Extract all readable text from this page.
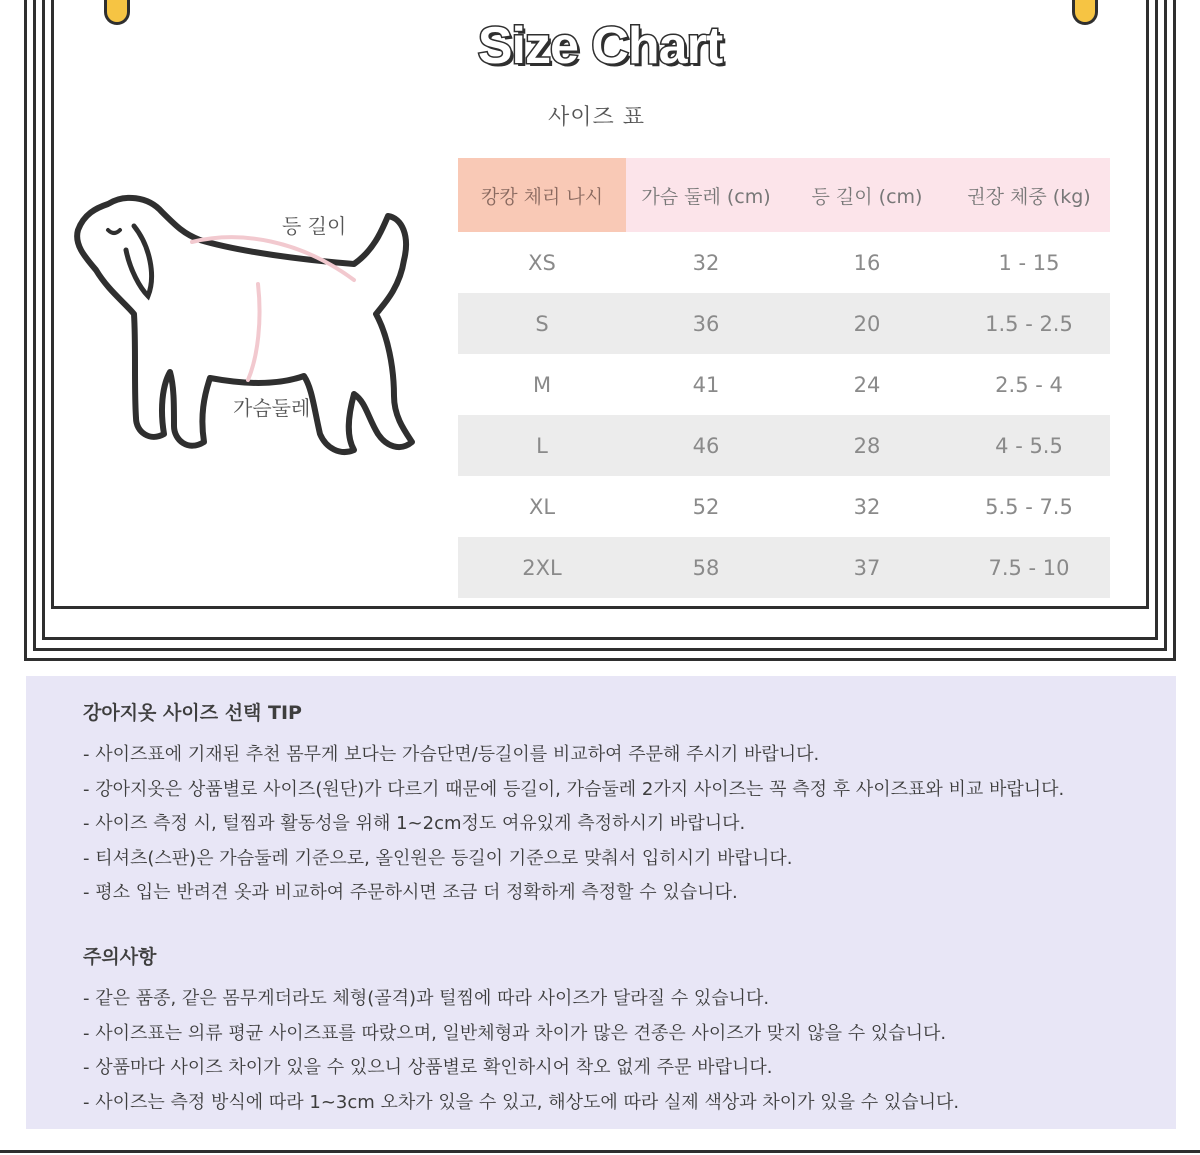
Size Chart
사이즈 표
등 길이
가슴둘레
캉캉 체리 나시	가슴 둘레 (cm)	등 길이 (cm)	권장 체중 (kg)
XS	32	16	1 - 15
S	36	20	1.5 - 2.5
M	41	24	2.5 - 4
L	46	28	4 - 5.5
XL	52	32	5.5 - 7.5
2XL	58	37	7.5 - 10
강아지옷 사이즈 선택 TIP
- 사이즈표에 기재된 추천 몸무게 보다는 가슴단면/등길이를 비교하여 주문해 주시기 바랍니다.
- 강아지옷은 상품별로 사이즈(원단)가 다르기 때문에 등길이, 가슴둘레 2가지 사이즈는 꼭 측정 후 사이즈표와 비교 바랍니다.
- 사이즈 측정 시, 털찜과 활동성을 위해 1~2cm정도 여유있게 측정하시기 바랍니다.
- 티셔츠(스판)은 가슴둘레 기준으로, 올인원은 등길이 기준으로 맞춰서 입히시기 바랍니다.
- 평소 입는 반려견 옷과 비교하여 주문하시면 조금 더 정확하게 측정할 수 있습니다.
주의사항
- 같은 품종, 같은 몸무게더라도 체형(골격)과 털찜에 따라 사이즈가 달라질 수 있습니다.
- 사이즈표는 의류 평균 사이즈표를 따랐으며, 일반체형과 차이가 많은 견종은 사이즈가 맞지 않을 수 있습니다.
- 상품마다 사이즈 차이가 있을 수 있으니 상품별로 확인하시어 착오 없게 주문 바랍니다.
- 사이즈는 측정 방식에 따라 1~3cm 오차가 있을 수 있고, 해상도에 따라 실제 색상과 차이가 있을 수 있습니다.
